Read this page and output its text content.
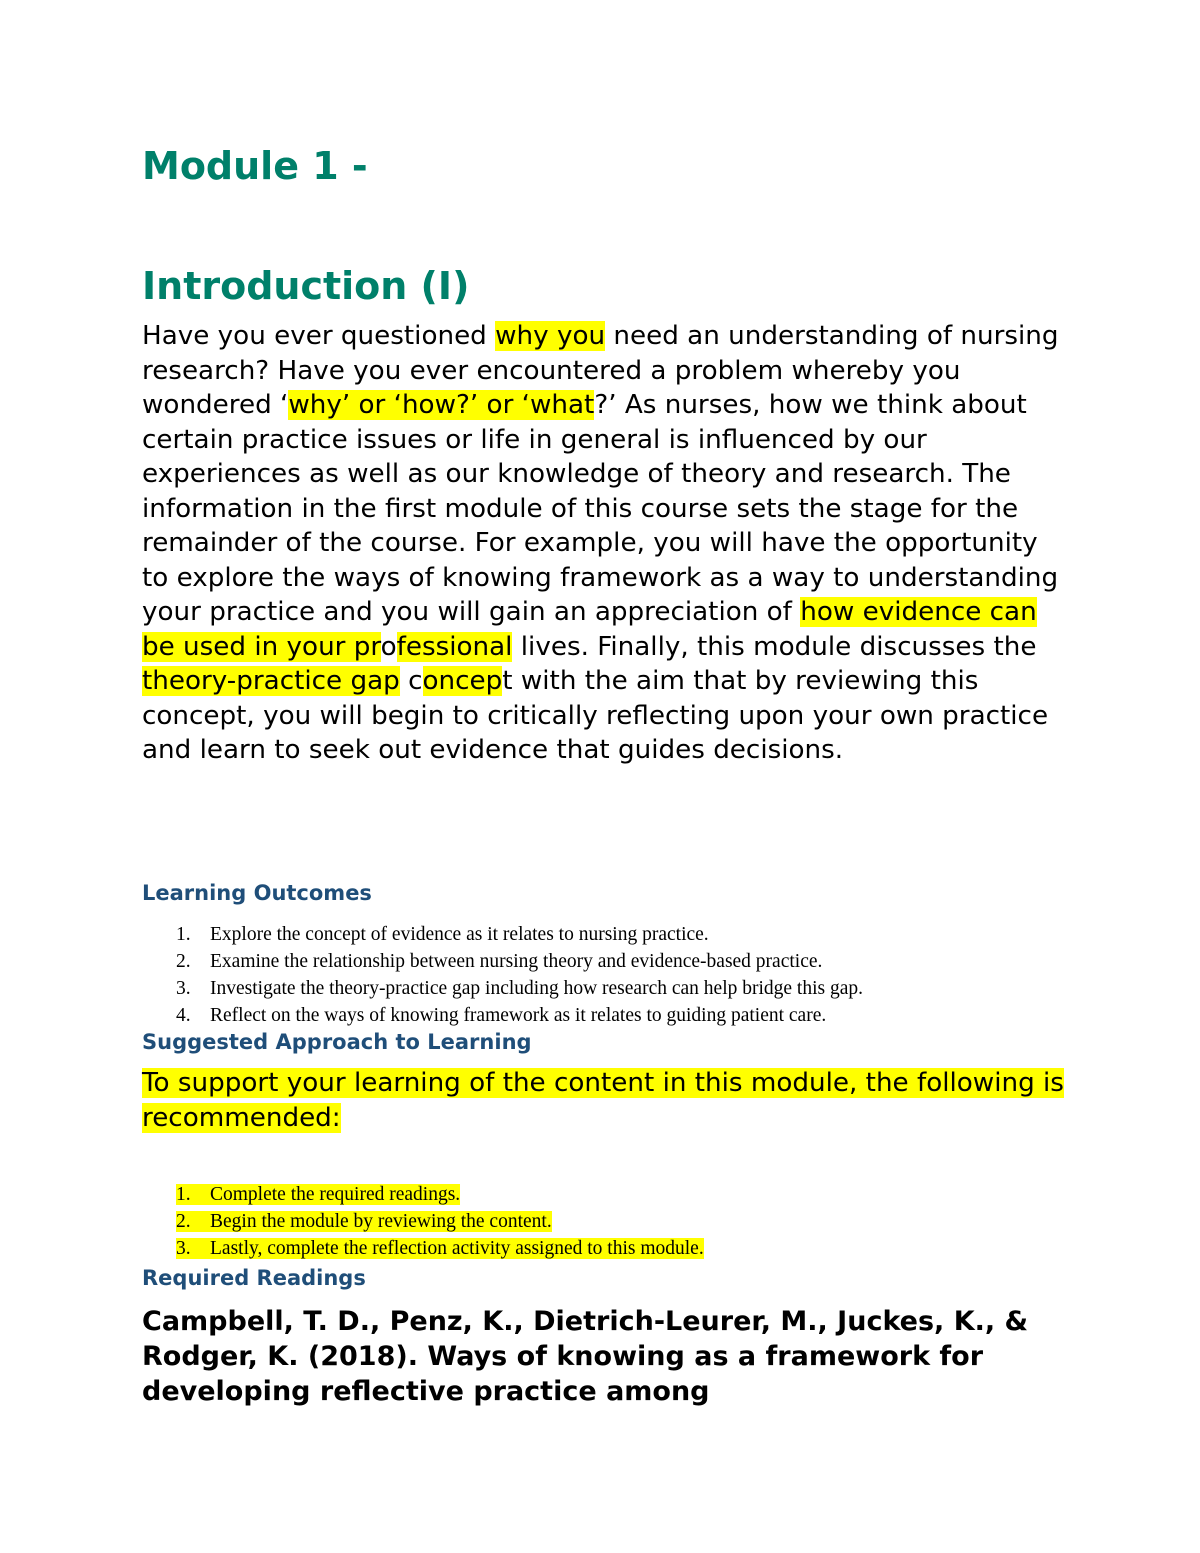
Module 1 -
Introduction (I)

Have you ever questioned why you need an understanding of nursing research? Have you ever encountered a problem whereby you wondered ‘why’ or ‘how?’ or ‘what?’ As nurses, how we think about certain practice issues or life in general is influenced by our experiences as well as our knowledge of theory and research. The information in the first module of this course sets the stage for the remainder of the course. For example, you will have the opportunity to explore the ways of knowing framework as a way to understanding your practice and you will gain an appreciation of how evidence can be used in your professional lives. Finally, this module discusses the theory-practice gap concept with the aim that by reviewing this concept, you will begin to critically reflecting upon your own practice and learn to seek out evidence that guides decisions.

Learning Outcomes
1. Explore the concept of evidence as it relates to nursing practice.
2. Examine the relationship between nursing theory and evidence-based practice.
3. Investigate the theory-practice gap including how research can help bridge this gap.
4. Reflect on the ways of knowing framework as it relates to guiding patient care.
Suggested Approach to Learning

To support your learning of the content in this module, the following is recommended:

1. Complete the required readings.
2. Begin the module by reviewing the content.
3. Lastly, complete the reflection activity assigned to this module.
Required Readings

Campbell, T. D., Penz, K., Dietrich-Leurer, M., Juckes, K., & Rodger, K. (2018). Ways of knowing as a framework for developing reflective practice among
